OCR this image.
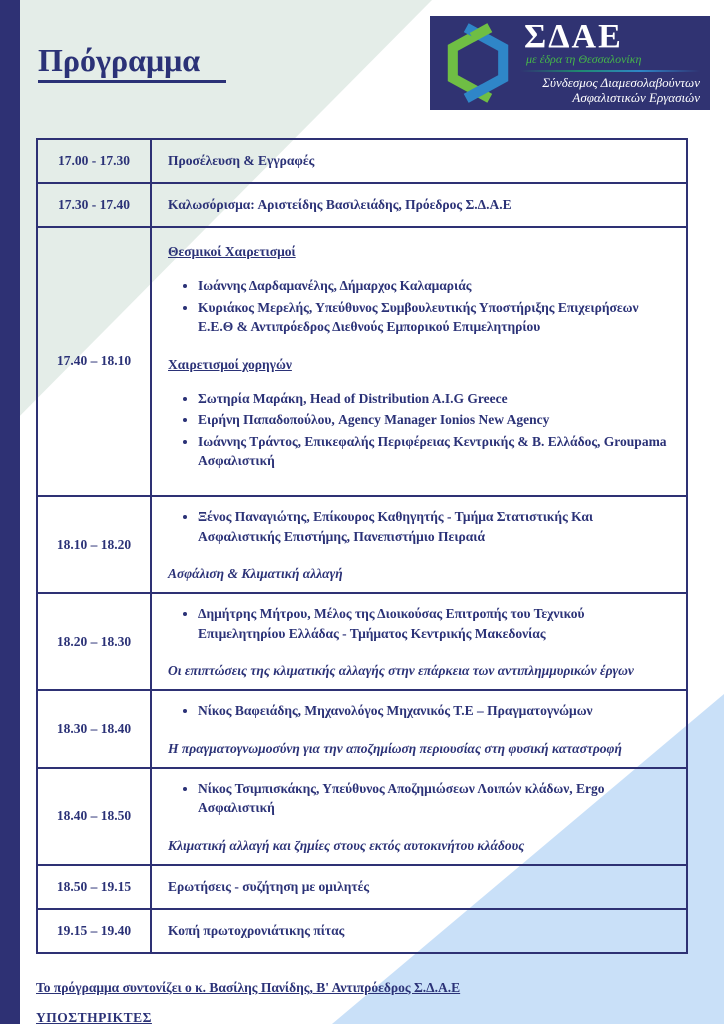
Πρόγραμμα
ΣΔΑΕ
με έδρα τη Θεσσαλονίκη
Σύνδεσμος Διαμεσολαβούντων
Ασφαλιστικών Εργασιών
17.00 - 17.30	Προσέλευση & Εγγραφές
17.30 - 17.40	Καλωσόρισμα: Αριστείδης Βασιλειάδης, Πρόεδρος Σ.Δ.Α.Ε
17.40 – 18.10
Θεσμικοί Χαιρετισμοί
• Ιωάννης Δαρδαμανέλης, Δήμαρχος Καλαμαριάς
• Κυριάκος Μερελής, Υπεύθυνος Συμβουλευτικής Υποστήριξης Επιχειρήσεων Ε.Ε.Θ & Αντιπρόεδρος Διεθνούς Εμπορικού Επιμελητηρίου
Χαιρετισμοί χορηγών
• Σωτηρία Μαράκη, Head of Distribution A.I.G Greece
• Ειρήνη Παπαδοπούλου, Agency Manager Ionios New Agency
• Ιωάννης Τράντος, Επικεφαλής Περιφέρειας Κεντρικής & Β. Ελλάδος, Groupama Ασφαλιστική
18.10 – 18.20
• Ξένος Παναγιώτης, Επίκουρος Καθηγητής - Τμήμα Στατιστικής Και Ασφαλιστικής Επιστήμης, Πανεπιστήμιο Πειραιά
Ασφάλιση & Κλιματική αλλαγή
18.20 – 18.30
• Δημήτρης Μήτρου, Μέλος της Διοικούσας Επιτροπής του Τεχνικού Επιμελητηρίου Ελλάδας - Τμήματος Κεντρικής Μακεδονίας
Οι επιπτώσεις της κλιματικής αλλαγής στην επάρκεια των αντιπλημμυρικών έργων
18.30 – 18.40
• Νίκος Βαφειάδης, Μηχανολόγος Μηχανικός Τ.Ε – Πραγματογνώμων
Η πραγματογνωμοσύνη για την αποζημίωση περιουσίας στη φυσική καταστροφή
18.40 – 18.50
• Νίκος Τσιμπισκάκης, Υπεύθυνος Αποζημιώσεων Λοιπών κλάδων, Ergo Ασφαλιστική
Κλιματική αλλαγή και ζημίες στους εκτός αυτοκινήτου κλάδους
18.50 – 19.15	Ερωτήσεις - συζήτηση με ομιλητές
19.15 – 19.40	Κοπή πρωτοχρονιάτικης πίτας
Το πρόγραμμα συντονίζει ο κ. Βασίλης Πανίδης, Β' Αντιπρόεδρος Σ.Δ.Α.Ε
ΥΠΟΣΤΗΡΙΚΤΕΣ
